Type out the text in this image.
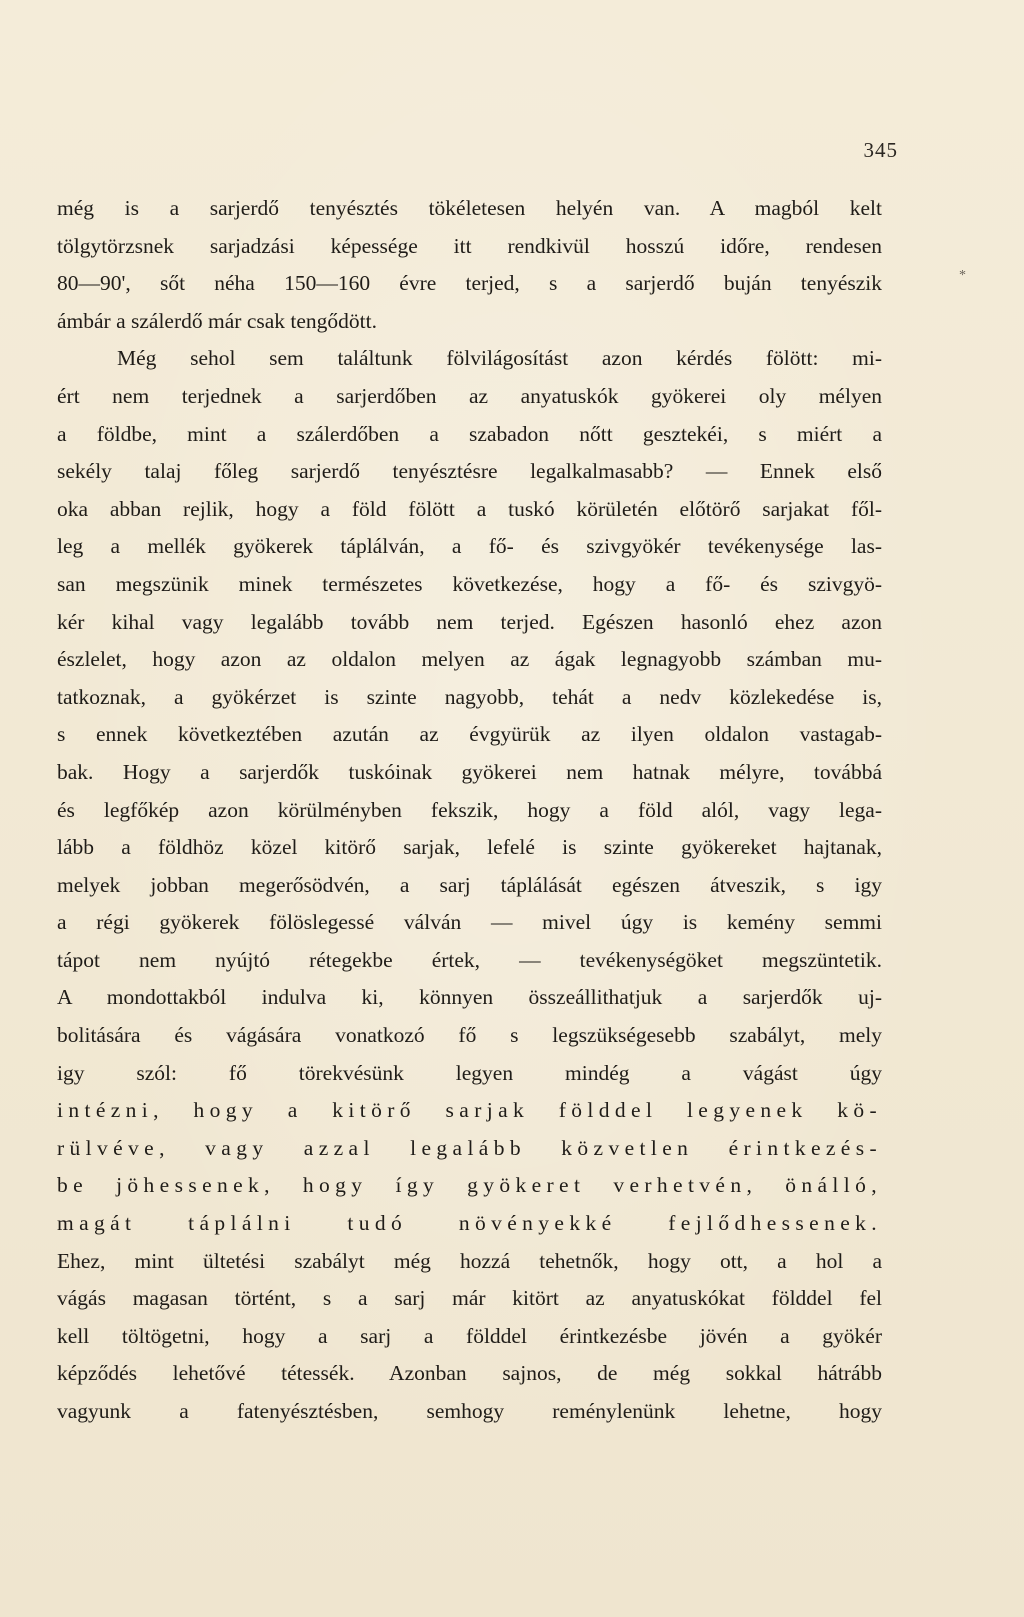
345
*
még is a sarjerdő tenyésztés tökéletesen helyén van. A magból kelt
tölgytörzsnek sarjadzási képessége itt rendkivül hosszú időre, rendesen
80—90', sőt néha 150—160 évre terjed, s a sarjerdő buján tenyészik
ámbár a szálerdő már csak tengődött.
Még sehol sem találtunk fölvilágosítást azon kérdés fölött: mi-
ért nem terjednek a sarjerdőben az anyatuskók gyökerei oly mélyen
a földbe, mint a szálerdőben a szabadon nőtt gesztekéi, s miért a
sekély talaj főleg sarjerdő tenyésztésre legalkalmasabb? — Ennek első
oka abban rejlik, hogy a föld fölött a tuskó körületén előtörő sarjakat fől-
leg a mellék gyökerek táplálván, a fő- és szivgyökér tevékenysége las-
san megszünik minek természetes következése, hogy a fő- és szivgyö-
kér kihal vagy legalább tovább nem terjed. Egészen hasonló ehez azon
észlelet, hogy azon az oldalon melyen az ágak legnagyobb számban mu-
tatkoznak, a gyökérzet is szinte nagyobb, tehát a nedv közlekedése is,
s ennek következtében azután az évgyürük az ilyen oldalon vastagab-
bak. Hogy a sarjerdők tuskóinak gyökerei nem hatnak mélyre, továbbá
és legfőkép azon körülményben fekszik, hogy a föld alól, vagy lega-
lább a földhöz közel kitörő sarjak, lefelé is szinte gyökereket hajtanak,
melyek jobban megerősödvén, a sarj táplálását egészen átveszik, s igy
a régi gyökerek fölöslegessé válván — mivel úgy is kemény semmi
tápot nem nyújtó rétegekbe értek, — tevékenységöket megszüntetik.
A mondottakból indulva ki, könnyen összeállithatjuk a sarjerdők uj-
bolitására és vágására vonatkozó fő s legszükségesebb szabályt, mely
igy szól: fő törekvésünk legyen mindég a vágást úgy
intézni, hogy a kitörő sarjak földdel legyenek kö-
rülvéve, vagy azzal legalább közvetlen érintkezés-
be jöhessenek, hogy így gyökeret verhetvén, önálló,
magát táplálni tudó növényekké fejlődhessenek.
Ehez, mint ültetési szabályt még hozzá tehetnők, hogy ott, a hol a
vágás magasan történt, s a sarj már kitört az anyatuskókat földdel fel
kell töltögetni, hogy a sarj a földdel érintkezésbe jövén a gyökér
képződés lehetővé tétessék. Azonban sajnos, de még sokkal hátrább
vagyunk a fatenyésztésben, semhogy reménylenünk lehetne, hogy
